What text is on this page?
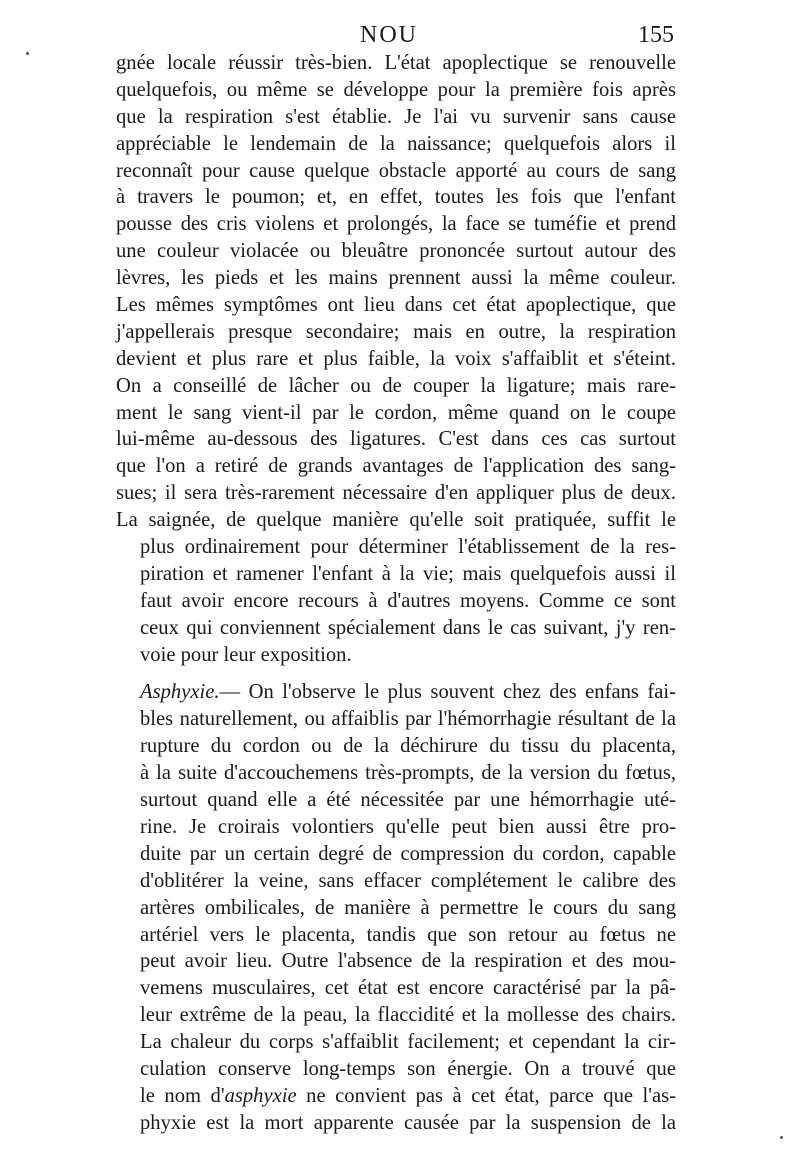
NOU	155
gnée locale réussir très-bien. L'état apoplectique se renouvelle
quelquefois, ou même se développe pour la première fois après
que la respiration s'est établie. Je l'ai vu survenir sans cause
appréciable le lendemain de la naissance; quelquefois alors il
reconnaît pour cause quelque obstacle apporté au cours de sang
à travers le poumon; et, en effet, toutes les fois que l'enfant
pousse des cris violens et prolongés, la face se tuméfie et prend
une couleur violacée ou bleuâtre prononcée surtout autour des
lèvres, les pieds et les mains prennent aussi la même couleur.
Les mêmes symptômes ont lieu dans cet état apoplectique, que
j'appellerais presque secondaire; mais en outre, la respiration
devient et plus rare et plus faible, la voix s'affaiblit et s'éteint.
On a conseillé de lâcher ou de couper la ligature; mais rare-
ment le sang vient-il par le cordon, même quand on le coupe
lui-même au-dessous des ligatures. C'est dans ces cas surtout
que l'on a retiré de grands avantages de l'application des sang-
sues; il sera très-rarement nécessaire d'en appliquer plus de deux.
La saignée, de quelque manière qu'elle soit pratiquée, suffit le
plus ordinairement pour déterminer l'établissement de la res-
piration et ramener l'enfant à la vie; mais quelquefois aussi il
faut avoir encore recours à d'autres moyens. Comme ce sont
ceux qui conviennent spécialement dans le cas suivant, j'y ren-
voie pour leur exposition.
Asphyxie.— On l'observe le plus souvent chez des enfans fai-
bles naturellement, ou affaiblis par l'hémorrhagie résultant de la
rupture du cordon ou de la déchirure du tissu du placenta,
à la suite d'accouchemens très-prompts, de la version du fœtus,
surtout quand elle a été nécessitée par une hémorrhagie uté-
rine. Je croirais volontiers qu'elle peut bien aussi être pro-
duite par un certain degré de compression du cordon, capable
d'oblitérer la veine, sans effacer complétement le calibre des
artères ombilicales, de manière à permettre le cours du sang
artériel vers le placenta, tandis que son retour au fœtus ne
peut avoir lieu. Outre l'absence de la respiration et des mou-
vemens musculaires, cet état est encore caractérisé par la pâ-
leur extrême de la peau, la flaccidité et la mollesse des chairs.
La chaleur du corps s'affaiblit facilement; et cependant la cir-
culation conserve long-temps son énergie. On a trouvé que
le nom d'asphyxie ne convient pas à cet état, parce que l'as-
phyxie est la mort apparente causée par la suspension de la
